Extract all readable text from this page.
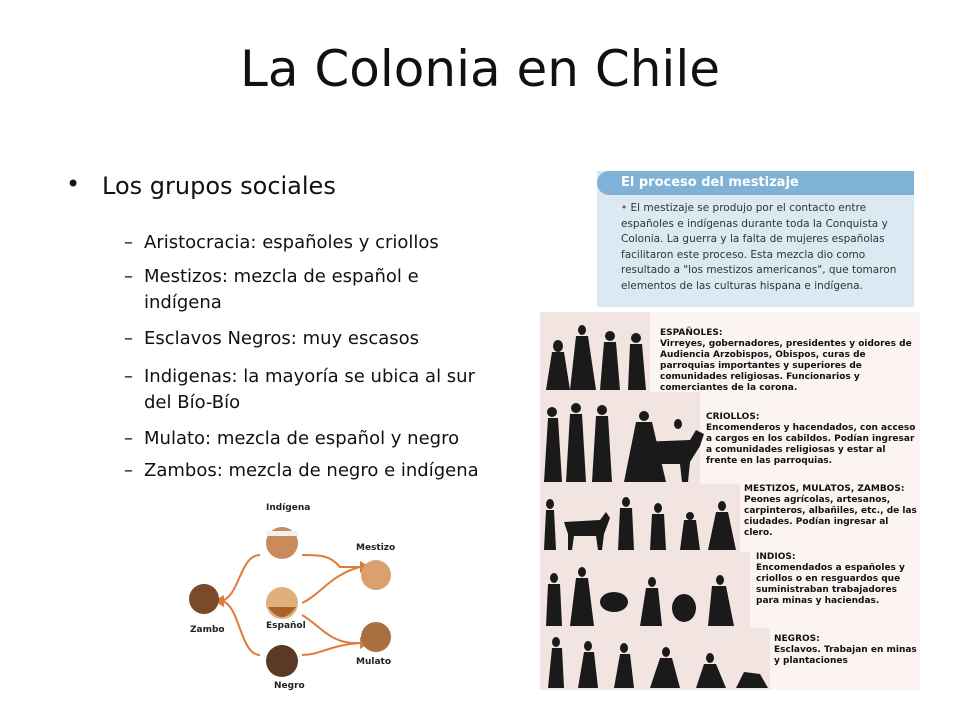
La Colonia en Chile
• Los grupos sociales
– Aristocracia: españoles y criollos
– Mestizos: mezcla de español e indígena
– Esclavos Negros: muy escasos
– Indigenas: la mayoría se ubica al sur del Bío-Bío
– Mulato: mezcla de español y negro
– Zambos: mezcla de negro e indígena
El proceso del mestizaje
• El mestizaje se produjo por el contacto entre españoles e indígenas durante toda la Conquista y Colonia. La guerra y la falta de mujeres españolas facilitaron este proceso. Esta mezcla dio como resultado a "los mestizos americanos", que tomaron elementos de las culturas hispana e indígena.
ESPAÑOLES:
Virreyes, gobernadores, presidentes y oidores de Audiencia Arzobispos, Obispos, curas de parroquias importantes y superiores de comunidades religiosas. Funcionarios y comerciantes de la corona.
CRIOLLOS:
Encomenderos y hacendados, con acceso a cargos en los cabildos. Podían ingresar a comunidades religiosas y estar al frente en las parroquias.
MESTIZOS, MULATOS, ZAMBOS:
Peones agrícolas, artesanos, carpinteros, albañiles, etc., de las ciudades. Podían ingresar al clero.
INDIOS:
Encomendados a españoles y criollos o en resguardos que suministraban trabajadores para minas y haciendas.
NEGROS:
Esclavos. Trabajan en minas y plantaciones
Indígena
Español
Negro
Mestizo
Mulato
Zambo
